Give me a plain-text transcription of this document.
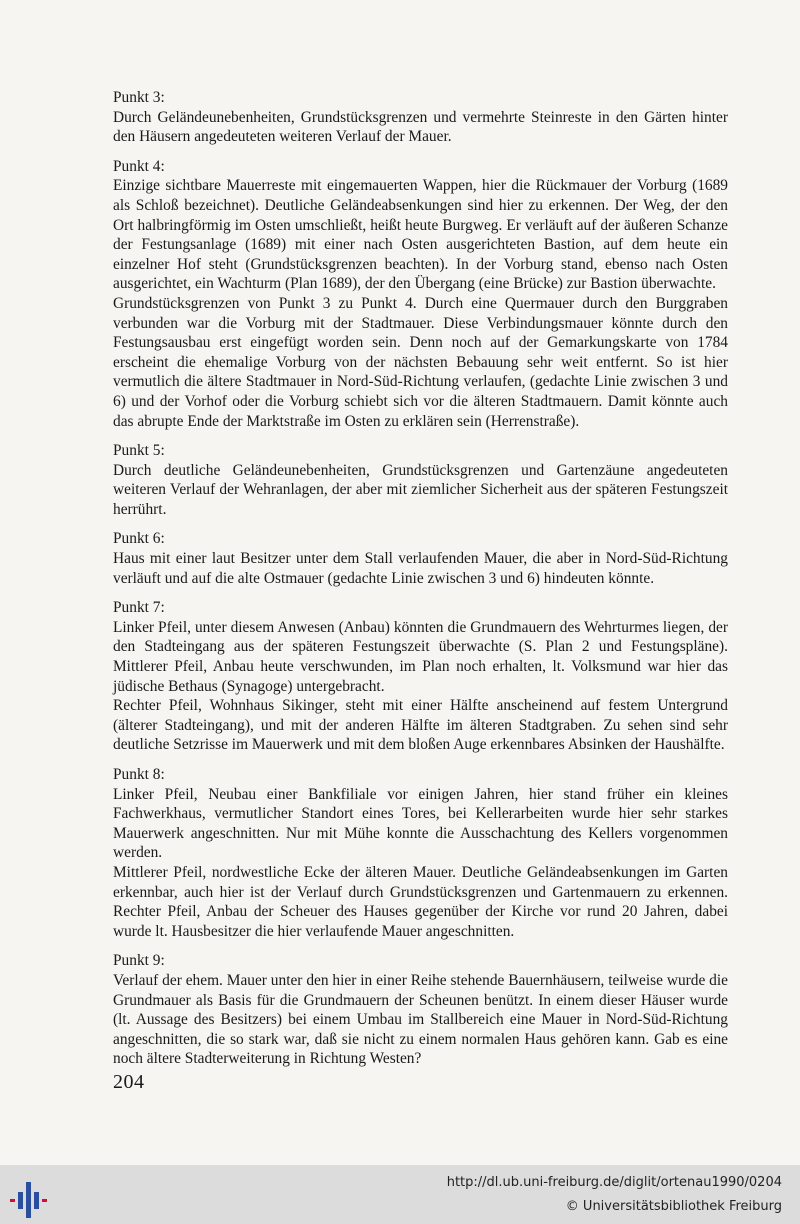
Punkt 3:

Durch Geländeunebenheiten, Grundstücksgrenzen und vermehrte Steinreste in den Gärten hinter den Häusern angedeuteten weiteren Verlauf der Mauer.

Punkt 4:

Einzige sichtbare Mauerreste mit eingemauerten Wappen, hier die Rückmauer der Vorburg (1689 als Schloß bezeichnet). Deutliche Geländeabsenkungen sind hier zu erkennen. Der Weg, der den Ort halbringförmig im Osten umschließt, heißt heute Burgweg. Er verläuft auf der äußeren Schanze der Festungsanlage (1689) mit einer nach Osten ausgerichteten Bastion, auf dem heute ein einzelner Hof steht (Grundstücksgrenzen beachten). In der Vorburg stand, ebenso nach Osten ausgerichtet, ein Wachturm (Plan 1689), der den Übergang (eine Brücke) zur Bastion überwachte.

Grundstücksgrenzen von Punkt 3 zu Punkt 4. Durch eine Quermauer durch den Burggraben verbunden war die Vorburg mit der Stadtmauer. Diese Verbindungsmauer könnte durch den Festungsausbau erst eingefügt worden sein. Denn noch auf der Gemarkungskarte von 1784 erscheint die ehemalige Vorburg von der nächsten Bebauung sehr weit entfernt. So ist hier vermutlich die ältere Stadtmauer in Nord-Süd-Richtung verlaufen, (gedachte Linie zwischen 3 und 6) und der Vorhof oder die Vorburg schiebt sich vor die älteren Stadtmauern. Damit könnte auch das abrupte Ende der Marktstraße im Osten zu erklären sein (Herrenstraße).

Punkt 5:

Durch deutliche Geländeunebenheiten, Grundstücksgrenzen und Gartenzäune angedeuteten weiteren Verlauf der Wehranlagen, der aber mit ziemlicher Sicherheit aus der späteren Festungszeit herrührt.

Punkt 6:

Haus mit einer laut Besitzer unter dem Stall verlaufenden Mauer, die aber in Nord-Süd-Richtung verläuft und auf die alte Ostmauer (gedachte Linie zwischen 3 und 6) hindeuten könnte.

Punkt 7:

Linker Pfeil, unter diesem Anwesen (Anbau) könnten die Grundmauern des Wehrturmes liegen, der den Stadteingang aus der späteren Festungszeit überwachte (S. Plan 2 und Festungspläne). Mittlerer Pfeil, Anbau heute verschwunden, im Plan noch erhalten, lt. Volksmund war hier das jüdische Bethaus (Synagoge) untergebracht.

Rechter Pfeil, Wohnhaus Sikinger, steht mit einer Hälfte anscheinend auf festem Untergrund (älterer Stadteingang), und mit der anderen Hälfte im älteren Stadtgraben. Zu sehen sind sehr deutliche Setzrisse im Mauerwerk und mit dem bloßen Auge erkennbares Absinken der Haushälfte.

Punkt 8:

Linker Pfeil, Neubau einer Bankfiliale vor einigen Jahren, hier stand früher ein kleines Fachwerkhaus, vermutlicher Standort eines Tores, bei Kellerarbeiten wurde hier sehr starkes Mauerwerk angeschnitten. Nur mit Mühe konnte die Ausschachtung des Kellers vorgenommen werden.

Mittlerer Pfeil, nordwestliche Ecke der älteren Mauer. Deutliche Geländeabsenkungen im Garten erkennbar, auch hier ist der Verlauf durch Grundstücksgrenzen und Gartenmauern zu erkennen. Rechter Pfeil, Anbau der Scheuer des Hauses gegenüber der Kirche vor rund 20 Jahren, dabei wurde lt. Hausbesitzer die hier verlaufende Mauer angeschnitten.

Punkt 9:

Verlauf der ehem. Mauer unter den hier in einer Reihe stehende Bauernhäusern, teilweise wurde die Grundmauer als Basis für die Grundmauern der Scheunen benützt. In einem dieser Häuser wurde (lt. Aussage des Besitzers) bei einem Umbau im Stallbereich eine Mauer in Nord-Süd-Richtung angeschnitten, die so stark war, daß sie nicht zu einem normalen Haus gehören kann. Gab es eine noch ältere Stadterweiterung in Richtung Westen?

204
http://dl.ub.uni-freiburg.de/diglit/ortenau1990/0204
© Universitätsbibliothek Freiburg
